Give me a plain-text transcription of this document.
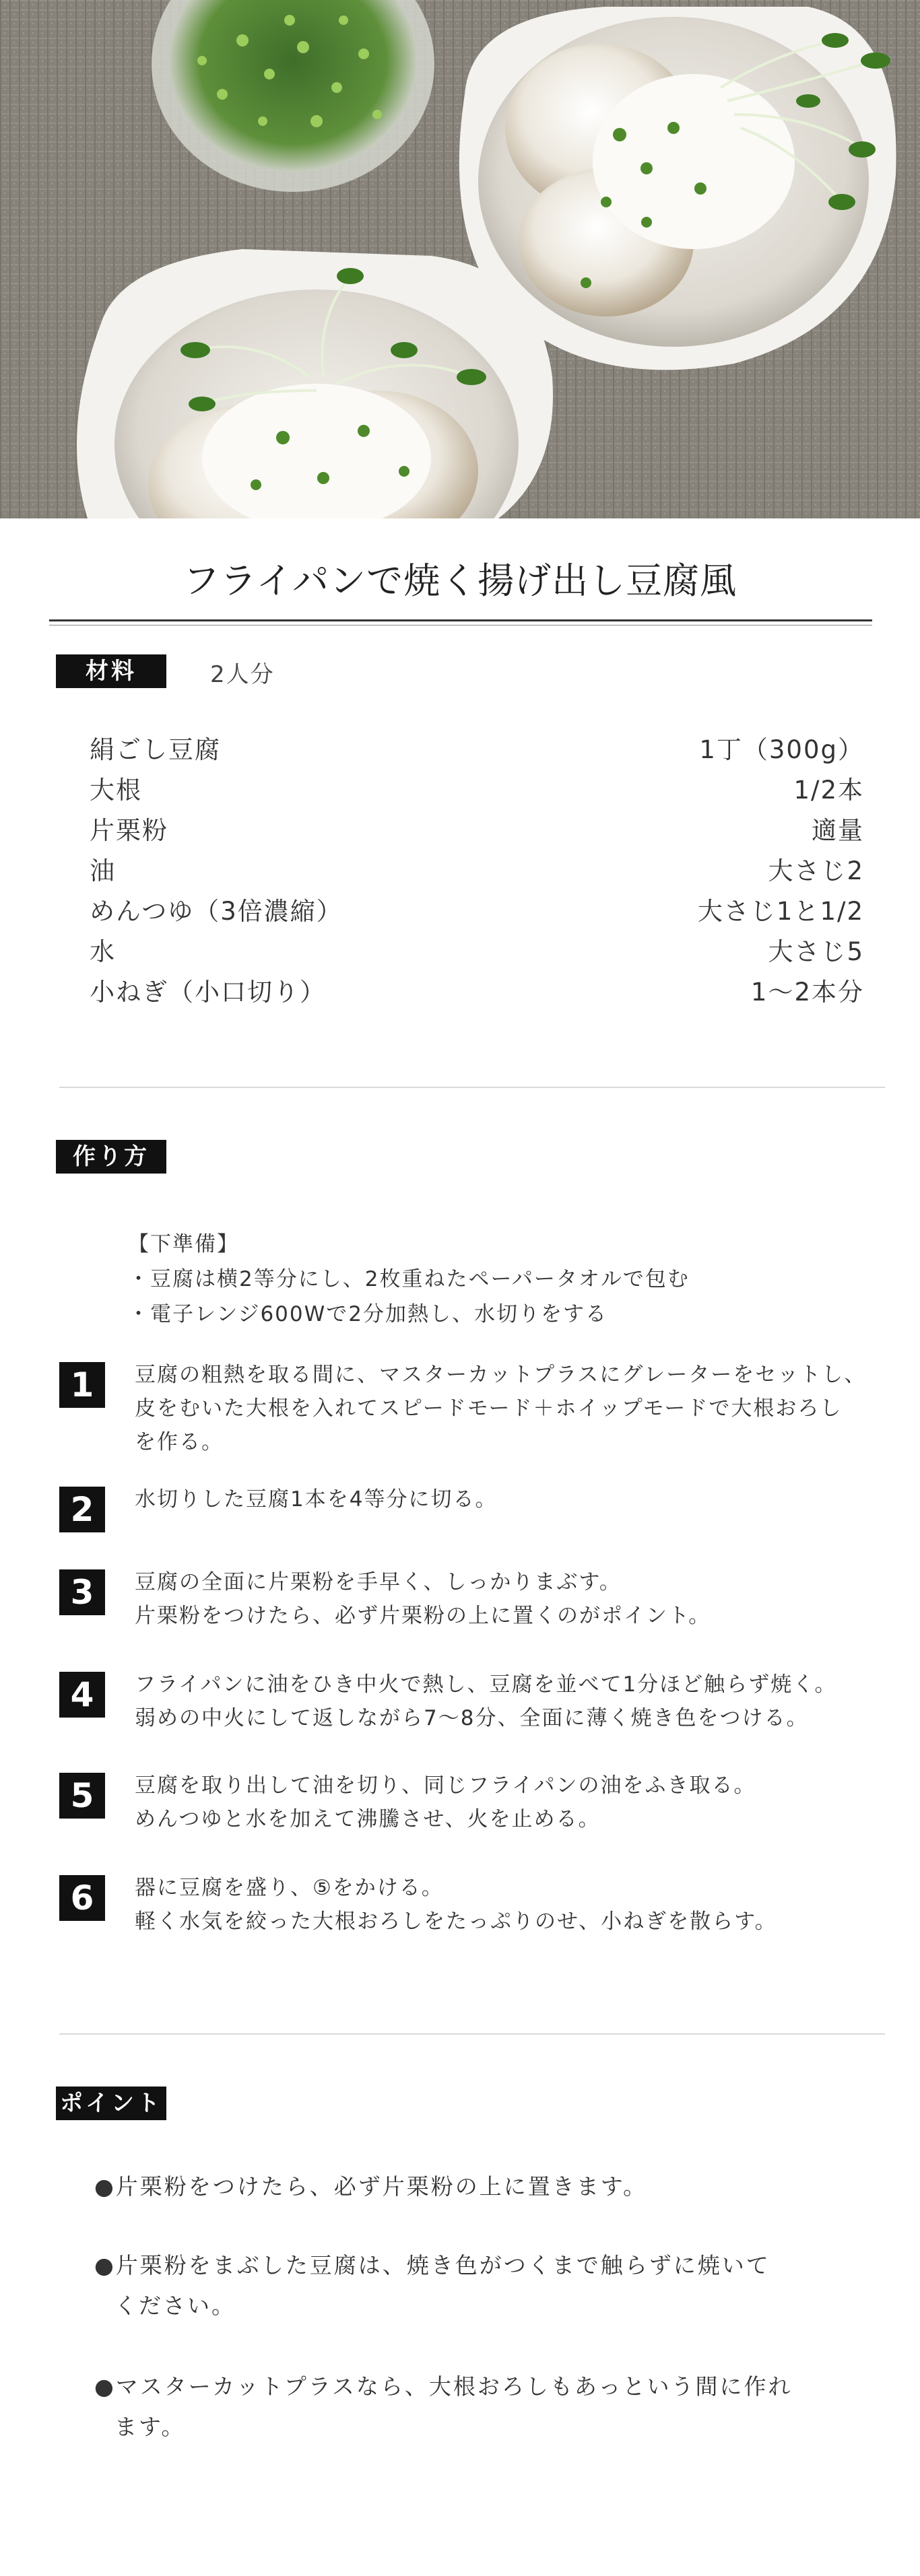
フライパンで焼く揚げ出し豆腐風
材料	2人分
絹ごし豆腐	1丁（300g）
大根	1/2本
片栗粉	適量
油	大さじ2
めんつゆ（3倍濃縮）	大さじ1と1/2
水	大さじ5
小ねぎ（小口切り）	1〜2本分
作り方
【下準備】
・豆腐は横2等分にし、2枚重ねたペーパータオルで包む
・電子レンジ600Wで2分加熱し、水切りをする
1	豆腐の粗熱を取る間に、マスターカットプラスにグレーターをセットし、
皮をむいた大根を入れてスピードモード＋ホイップモードで大根おろし
を作る。
2	水切りした豆腐1本を4等分に切る。
3	豆腐の全面に片栗粉を手早く、しっかりまぶす。
片栗粉をつけたら、必ず片栗粉の上に置くのがポイント。
4	フライパンに油をひき中火で熱し、豆腐を並べて1分ほど触らず焼く。
弱めの中火にして返しながら7〜8分、全面に薄く焼き色をつける。
5	豆腐を取り出して油を切り、同じフライパンの油をふき取る。
めんつゆと水を加えて沸騰させ、火を止める。
6	器に豆腐を盛り、⑤をかける。
軽く水気を絞った大根おろしをたっぷりのせ、小ねぎを散らす。
ポイント
●片栗粉をつけたら、必ず片栗粉の上に置きます。
●片栗粉をまぶした豆腐は、焼き色がつくまで触らずに焼いて
ください。
●マスターカットプラスなら、大根おろしもあっという間に作れ
ます。
